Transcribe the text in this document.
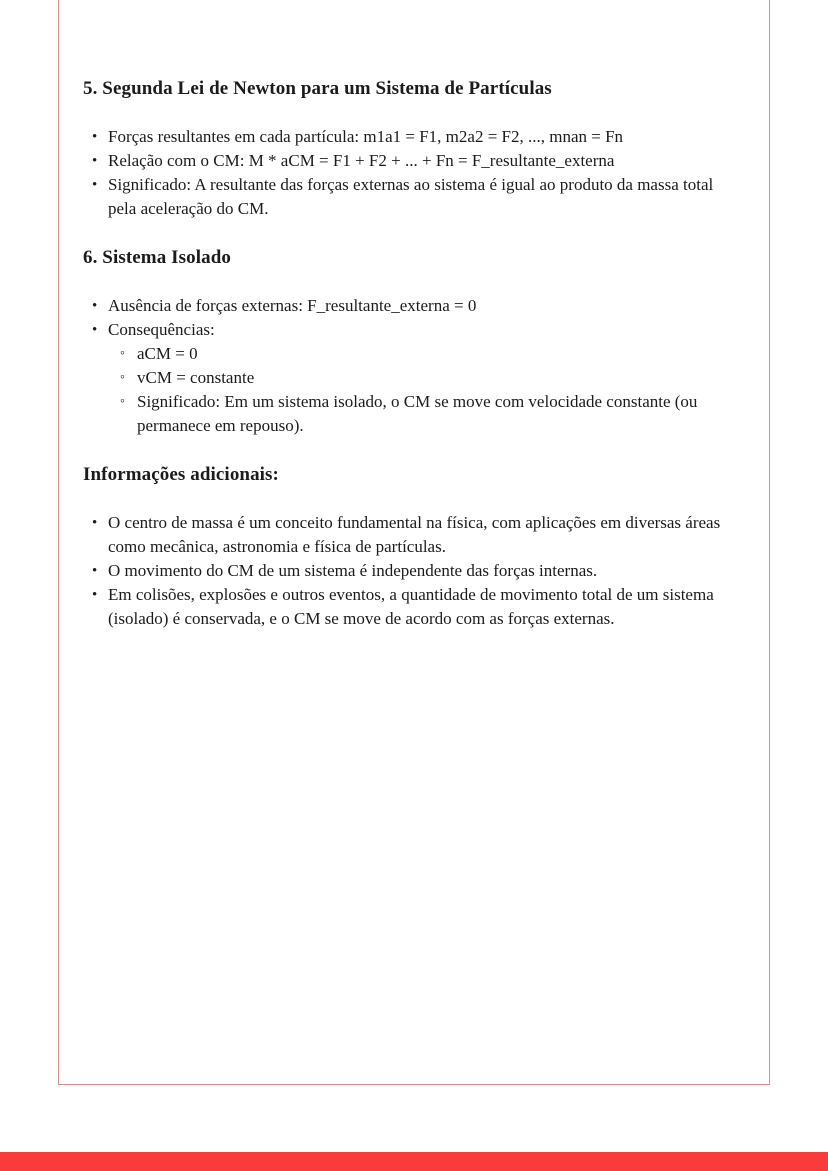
5. Segunda Lei de Newton para um Sistema de Partículas
• Forças resultantes em cada partícula: m1a1 = F1, m2a2 = F2, ..., mnan = Fn
• Relação com o CM: M * aCM = F1 + F2 + ... + Fn = F_resultante_externa
• Significado: A resultante das forças externas ao sistema é igual ao produto da massa total pela aceleração do CM.
6. Sistema Isolado
• Ausência de forças externas: F_resultante_externa = 0
• Consequências:
◦ aCM = 0
◦ vCM = constante
◦ Significado: Em um sistema isolado, o CM se move com velocidade constante (ou permanece em repouso).
Informações adicionais:
• O centro de massa é um conceito fundamental na física, com aplicações em diversas áreas como mecânica, astronomia e física de partículas.
• O movimento do CM de um sistema é independente das forças internas.
• Em colisões, explosões e outros eventos, a quantidade de movimento total de um sistema (isolado) é conservada, e o CM se move de acordo com as forças externas.
